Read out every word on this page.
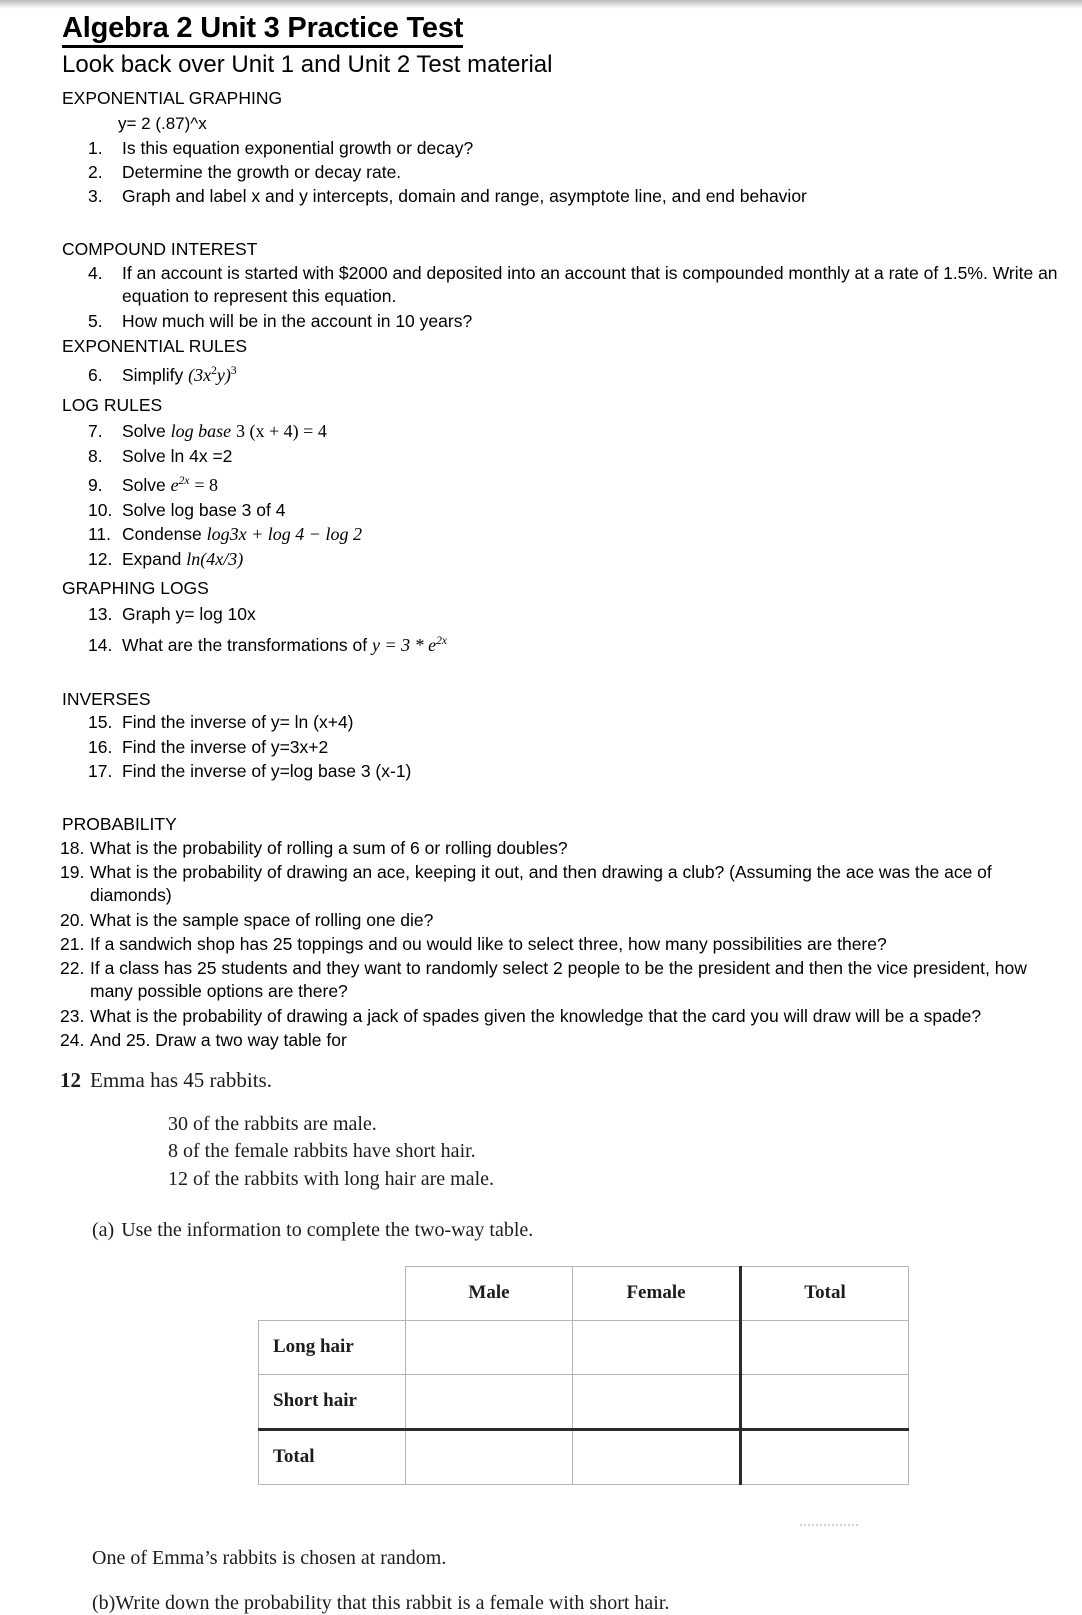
Algebra 2 Unit 3 Practice Test
Look back over Unit 1 and Unit 2 Test material
EXPONENTIAL GRAPHING
y= 2 (.87)^x
1.	Is this equation exponential growth or decay?
2.	Determine the growth or decay rate.
3.	Graph and label x and y intercepts, domain and range, asymptote line, and end behavior
COMPOUND INTEREST
4.	If an account is started with $2000 and deposited into an account that is compounded monthly at a rate of 1.5%. Write an equation to represent this equation.
5.	How much will be in the account in 10 years?
EXPONENTIAL RULES
6.	Simplify $(3x^2y)^3$
LOG RULES
7.	Solve log base 3 (x + 4) = 4
8.	Solve ln 4x =2
9.	Solve $e^{2x} = 8$
10. Solve log base 3 of 4
11. Condense log3x + log 4 − log 2
12. Expand ln(4x/3)
GRAPHING LOGS
13. Graph y= log 10x
14. What are the transformations of $y = 3 * e^{2x}$
INVERSES
15. Find the inverse of y= ln (x+4)
16. Find the inverse of y=3x+2
17. Find the inverse of y=log base 3 (x-1)
PROBABILITY
18. What is the probability of rolling a sum of 6 or rolling doubles?
19. What is the probability of drawing an ace, keeping it out, and then drawing a club? (Assuming the ace was the ace of diamonds)
20. What is the sample space of rolling one die?
21. If a sandwich shop has 25 toppings and ou would like to select three, how many possibilities are there?
22. If a class has 25 students and they want to randomly select 2 people to be the president and then the vice president, how many possible options are there?
23. What is the probability of drawing a jack of spades given the knowledge that the card you will draw will be a spade?
24. And 25. Draw a two way table for
12 Emma has 45 rabbits.
30 of the rabbits are male.
8 of the female rabbits have short hair.
12 of the rabbits with long hair are male.
(a) Use the information to complete the two-way table.
	Male	Female	Total
Long hair			
Short hair			
Total			
One of Emma’s rabbits is chosen at random.
(b)Write down the probability that this rabbit is a female with short hair.
